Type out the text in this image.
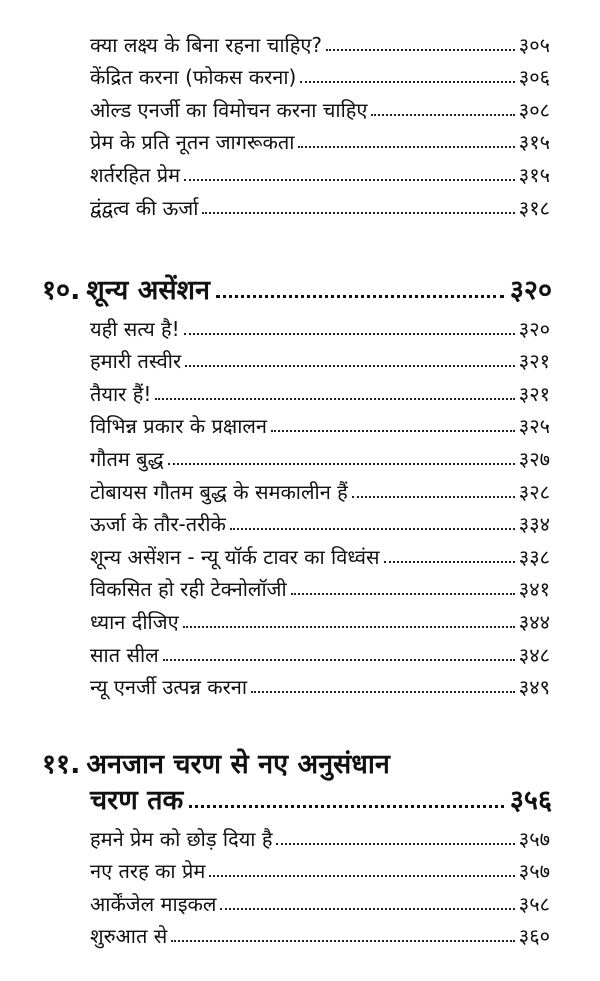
क्या लक्ष्य के बिना रहना चाहिए?	३०५
केंद्रित करना (फोकस करना)	३०६
ओल्ड एनर्जी का विमोचन करना चाहिए	३०८
प्रेम के प्रति नूतन जागरूकता	३१५
शर्तरहित प्रेम	३१५
द्वंद्वत्व की ऊर्जा	३१८
१०. शून्य असेंशन	३२०
यही सत्य है!	३२०
हमारी तस्वीर	३२१
तैयार हैं!	३२१
विभिन्न प्रकार के प्रक्षालन	३२५
गौतम बुद्ध	३२७
टोबायस गौतम बुद्ध के समकालीन हैं	३२८
ऊर्जा के तौर-तरीके	३३४
शून्य असेंशन - न्यू यॉर्क टावर का विध्वंस	३३८
विकसित हो रही टेक्नोलॉजी	३४१
ध्यान दीजिए	३४४
सात सील	३४८
न्यू एनर्जी उत्पन्न करना	३४९
११. अनजान चरण से नए अनुसंधान
चरण तक	३५६
हमने प्रेम को छोड़ दिया है	३५७
नए तरह का प्रेम	३५७
आर्केंजेल माइकल	३५८
शुरुआत से	३६०
